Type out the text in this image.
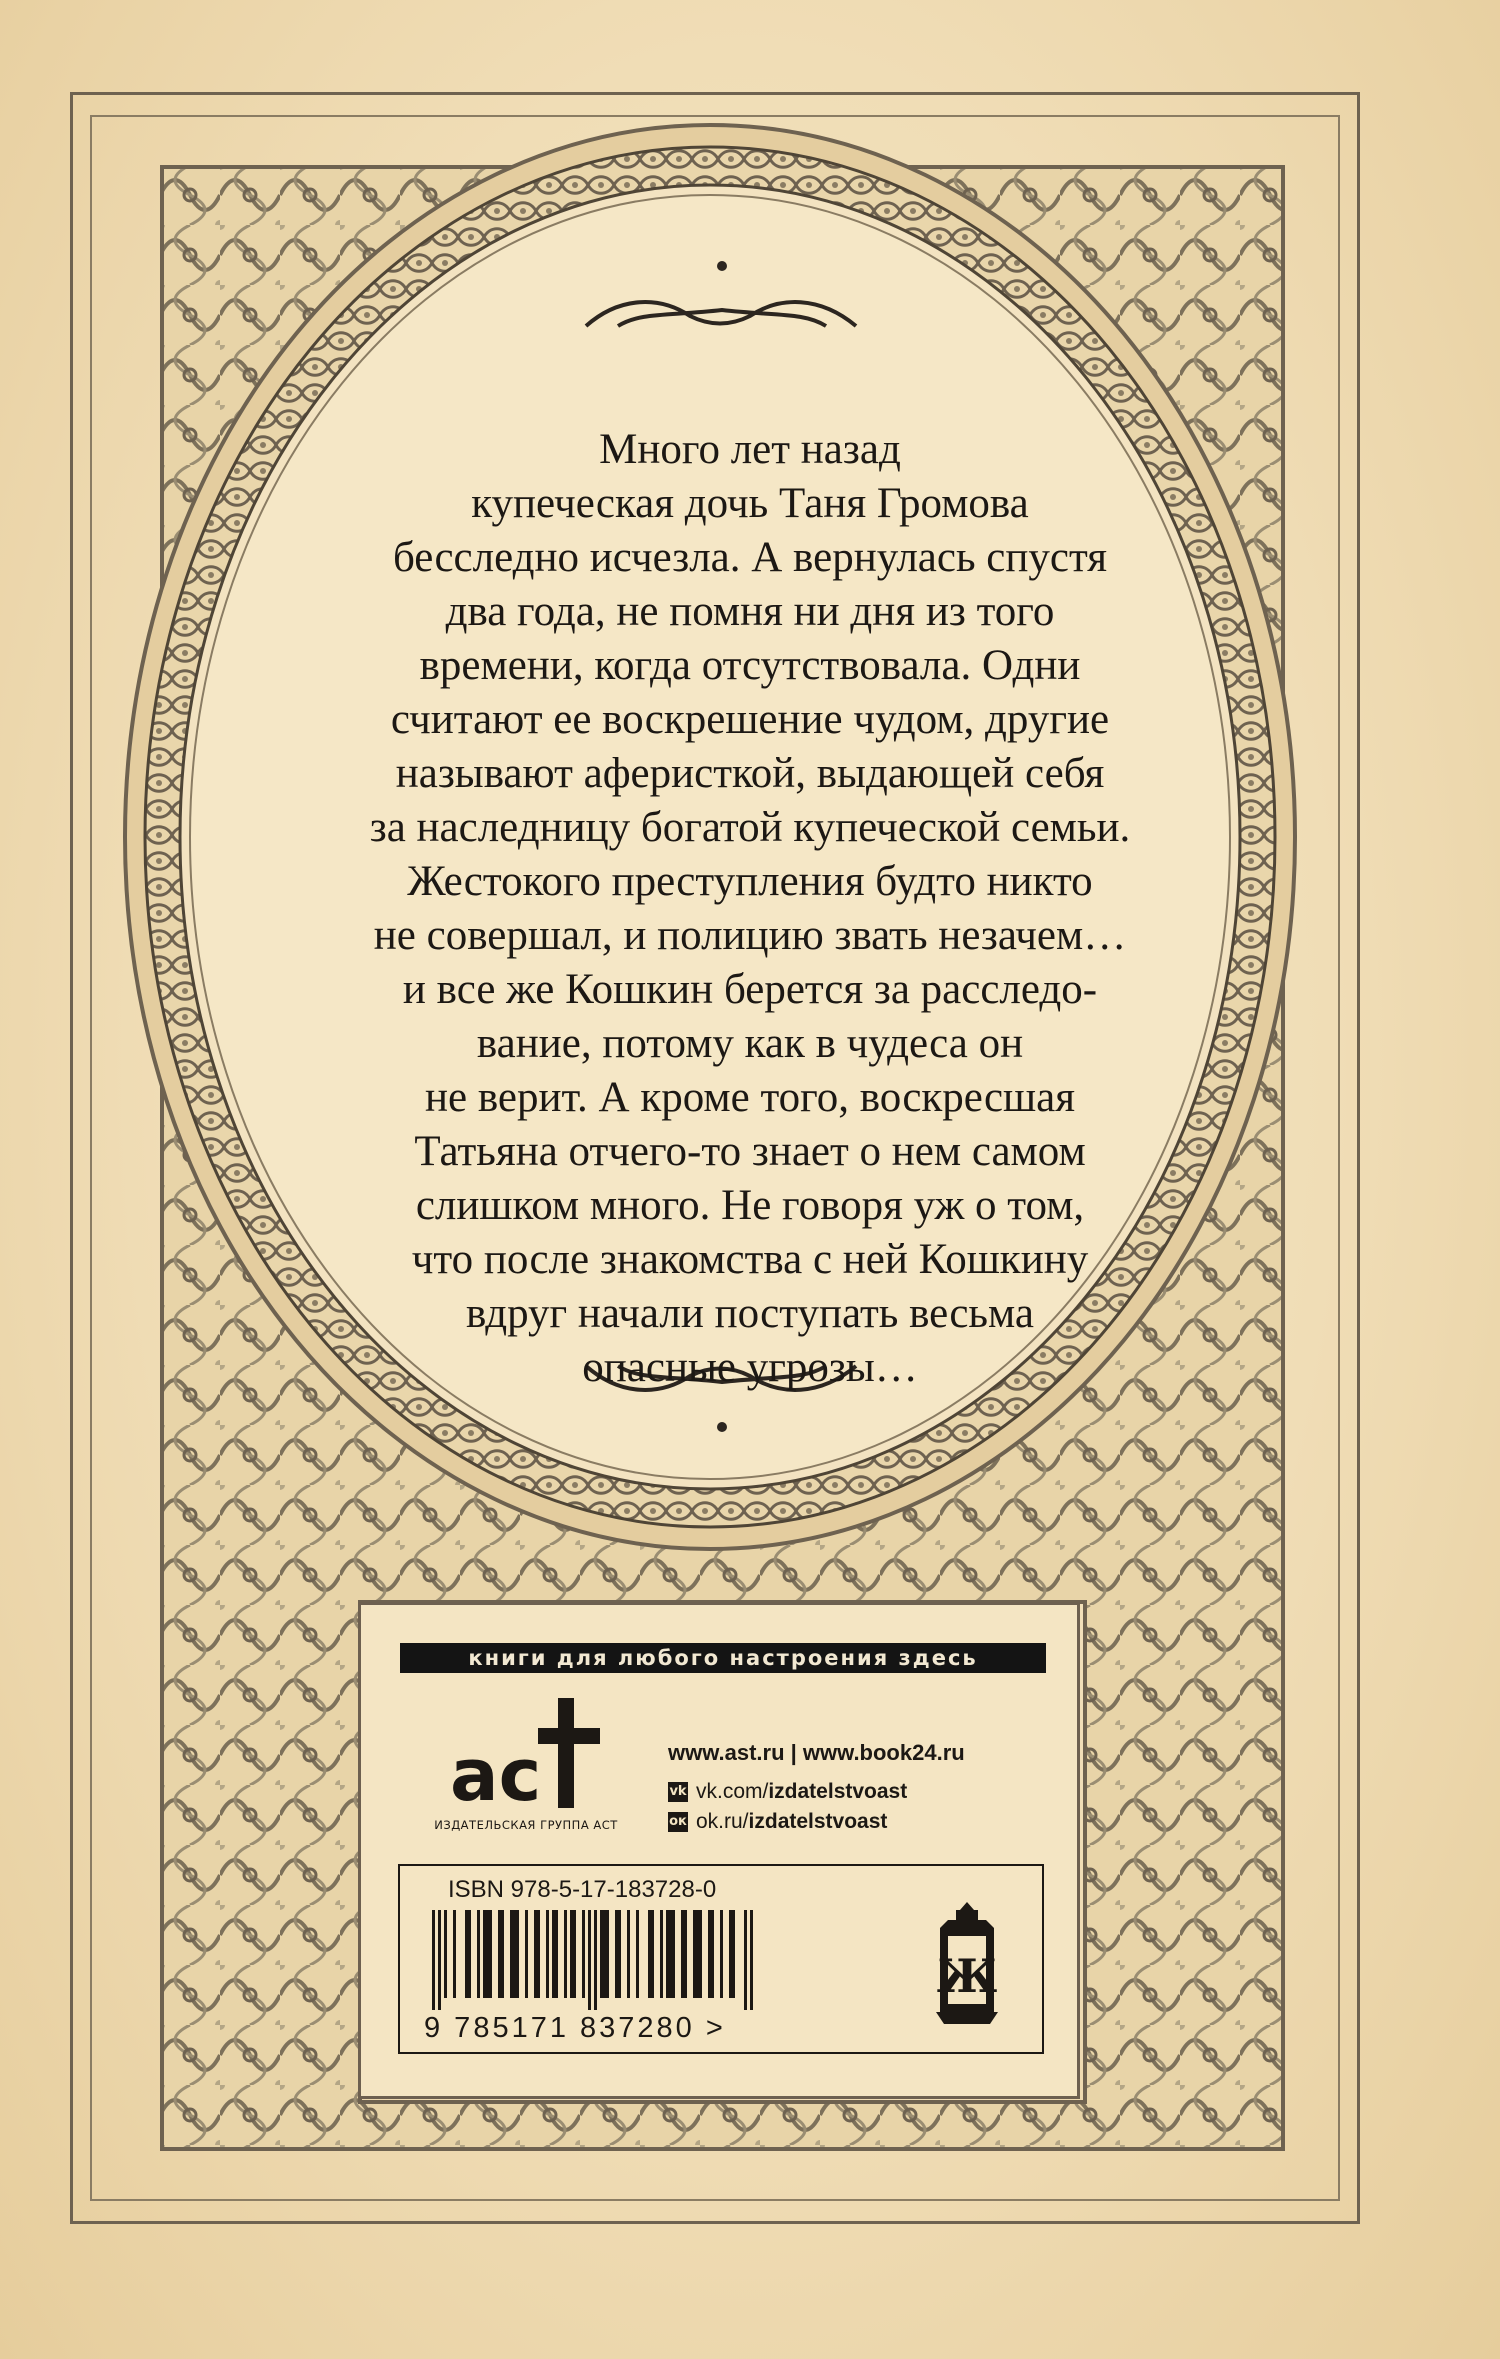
Много лет назад
купеческая дочь Таня Громова
бесследно исчезла. А вернулась спустя
два года, не помня ни дня из того
времени, когда отсутствовала. Одни
считают ее воскрешение чудом, другие
называют аферисткой, выдающей себя
за наследницу богатой купеческой семьи.
Жестокого преступления будто никто
не совершал, и полицию звать незачем…
и все же Кошкин берется за расследо-
вание, потому как в чудеса он
не верит. А кроме того, воскресшая
Татьяна отчего-то знает о нем самом
слишком много. Не говоря уж о том,
что после знакомства с ней Кошкину
вдруг начали поступать весьма
опасные угрозы…
книги для любого настроения здесь
ас
ИЗДАТЕЛЬСКАЯ ГРУППА АСТ
www.ast.ru | www.book24.ru
vk vk.com/ izdatelstvoast
ок ok.ru/ izdatelstvoast
ISBN 978-5-17-183728-0
9 785171 837280 >
Ж
